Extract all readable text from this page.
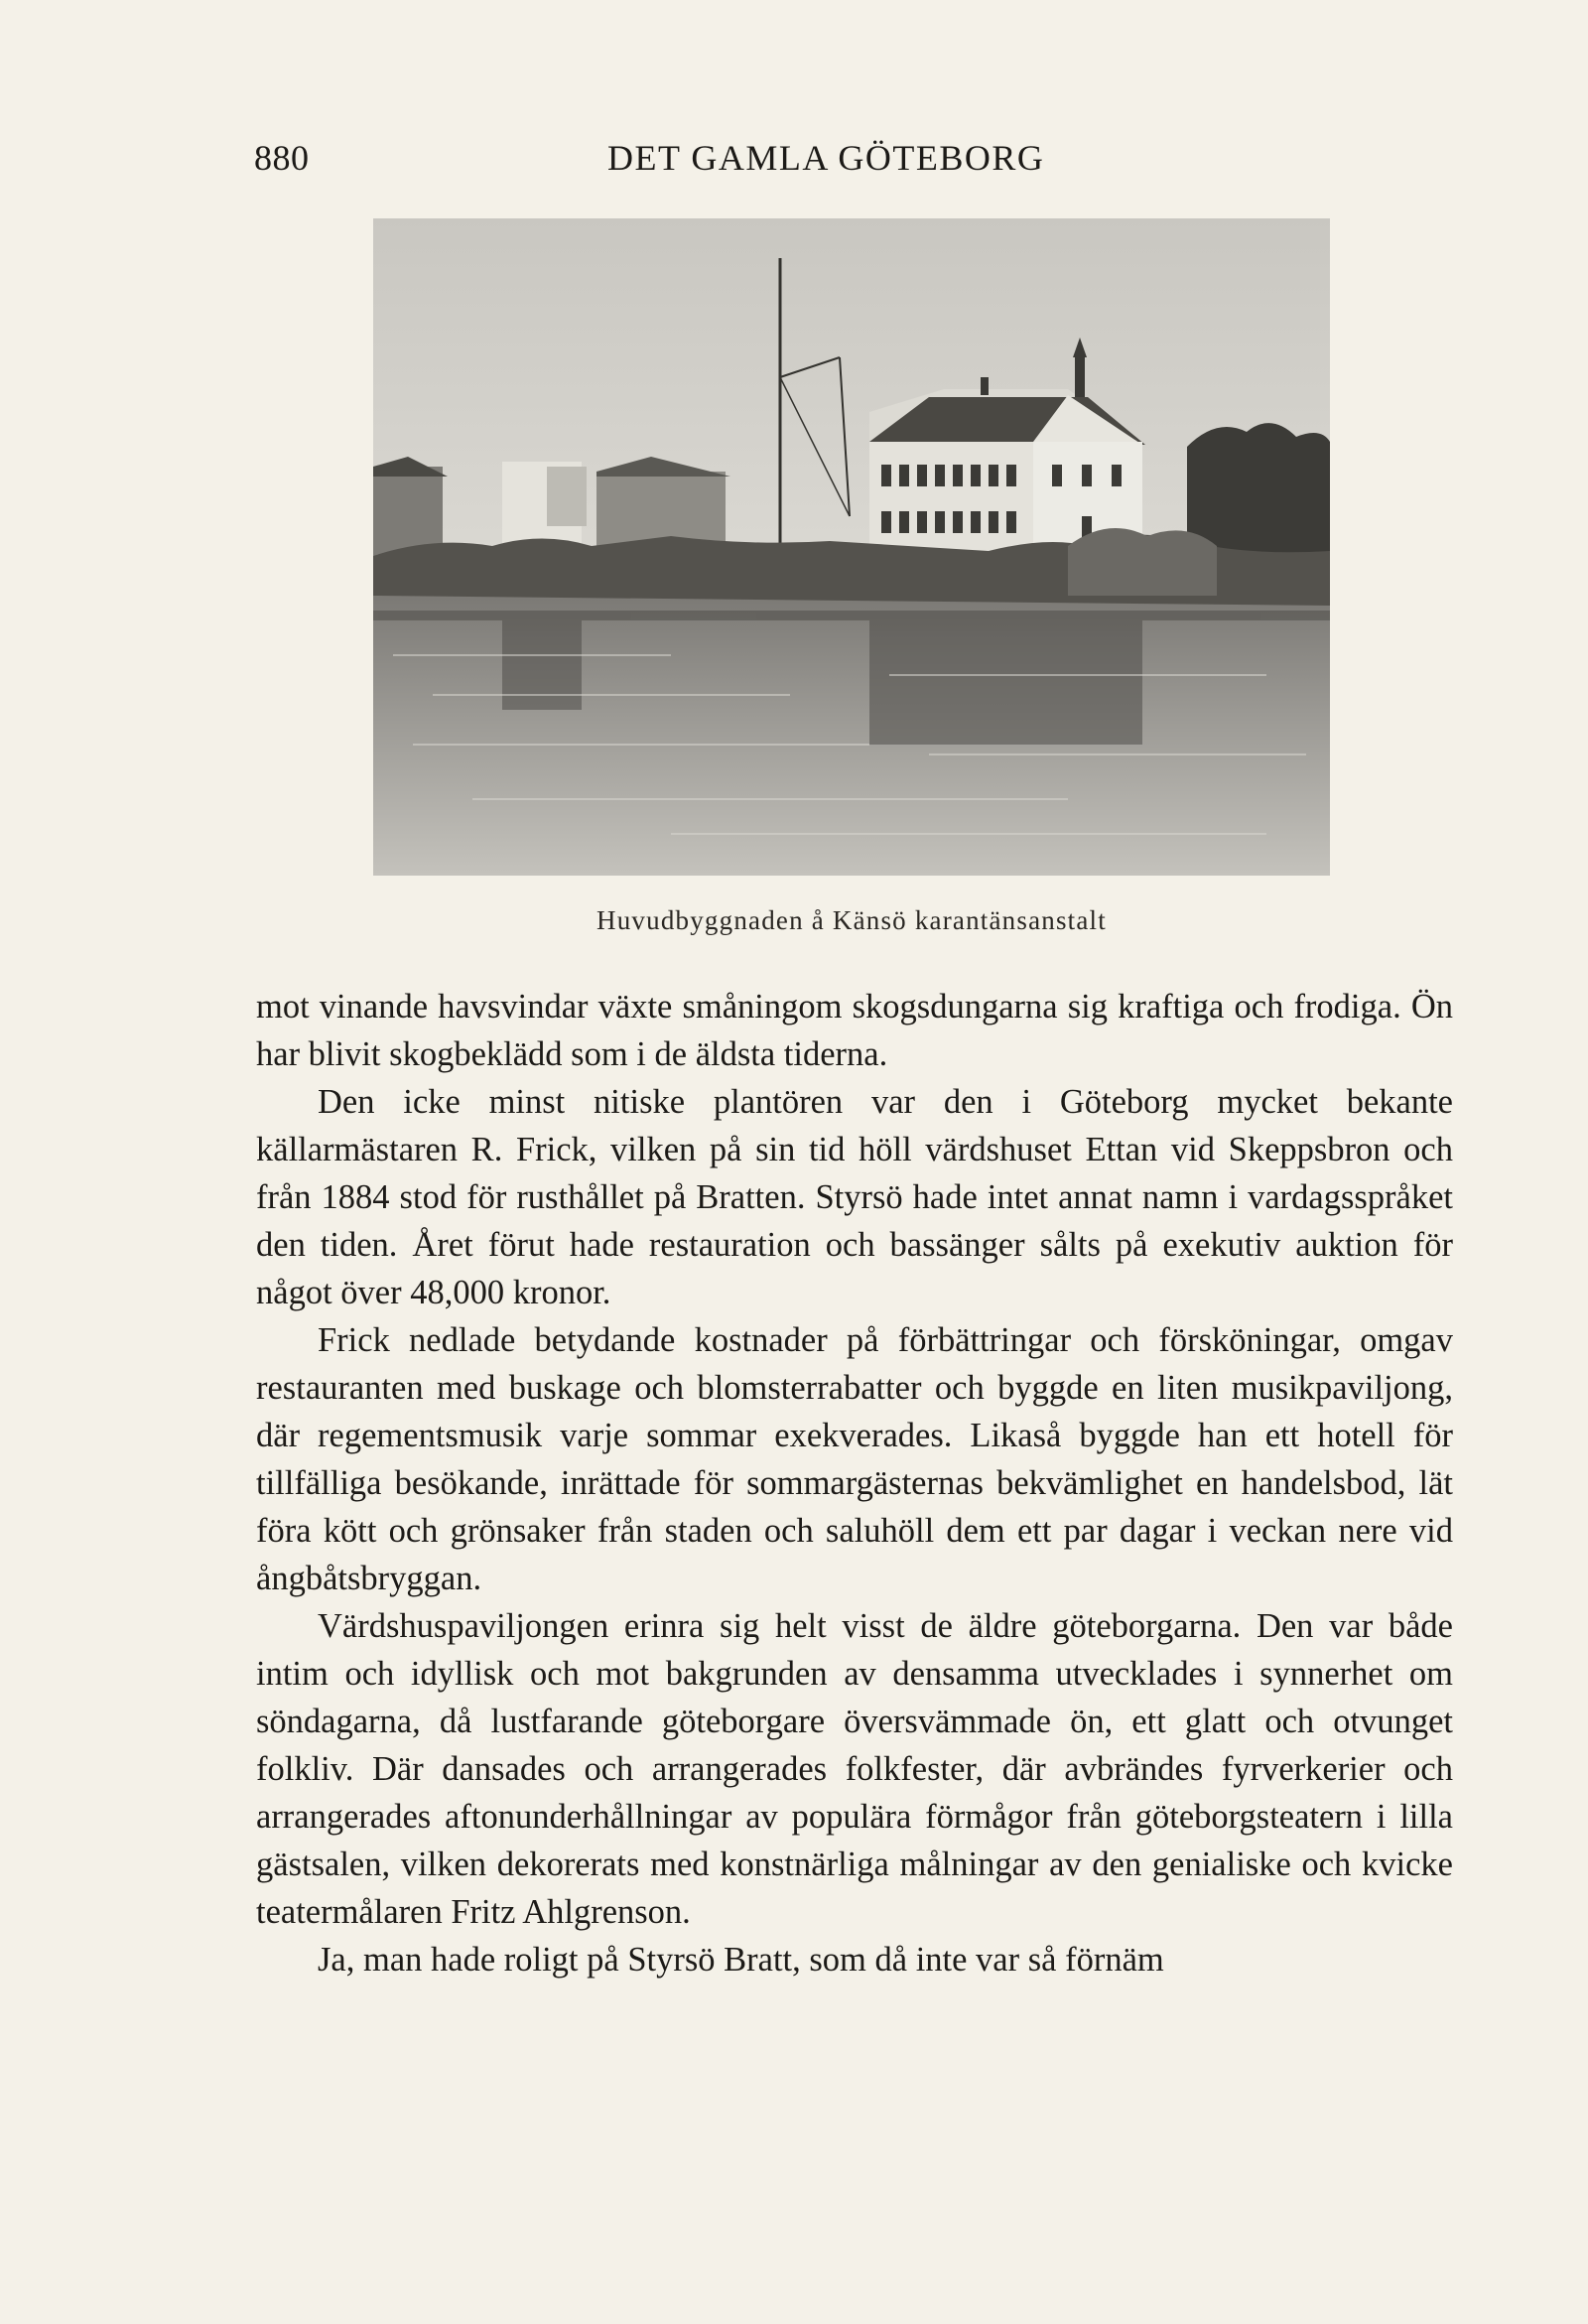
880	DET GAMLA GÖTEBORG
Huvudbyggnaden å Känsö karantänsanstalt

mot vinande havsvindar växte småningom skogsdungarna sig kraftiga och frodiga. Ön har blivit skogbeklädd som i de äldsta tiderna.

Den icke minst nitiske plantören var den i Göteborg mycket bekante källarmästaren R. Frick, vilken på sin tid höll värdshuset Ettan vid Skeppsbron och från 1884 stod för rusthållet på Bratten. Styrsö hade intet annat namn i vardagsspråket den tiden. Året förut hade restauration och bassänger sålts på exekutiv auktion för något över 48,000 kronor.

Frick nedlade betydande kostnader på förbättringar och försköningar, omgav restauranten med buskage och blomsterrabatter och byggde en liten musikpaviljong, där regementsmusik varje sommar exekverades. Likaså byggde han ett hotell för tillfälliga besökande, inrättade för sommargästernas bekvämlighet en handelsbod, lät föra kött och grönsaker från staden och saluhöll dem ett par dagar i veckan nere vid ångbåtsbryggan.

Värdshuspaviljongen erinra sig helt visst de äldre göteborgarna. Den var både intim och idyllisk och mot bakgrunden av densamma utvecklades i synnerhet om söndagarna, då lustfarande göteborgare översvämmade ön, ett glatt och otvunget folkliv. Där dansades och arrangerades folkfester, där avbrändes fyrverkerier och arrangerades aftonunderhållningar av populära förmågor från göteborgsteatern i lilla gästsalen, vilken dekorerats med konstnärliga målningar av den genialiske och kvicke teatermålaren Fritz Ahlgrenson.

Ja, man hade roligt på Styrsö Bratt, som då inte var så förnäm
